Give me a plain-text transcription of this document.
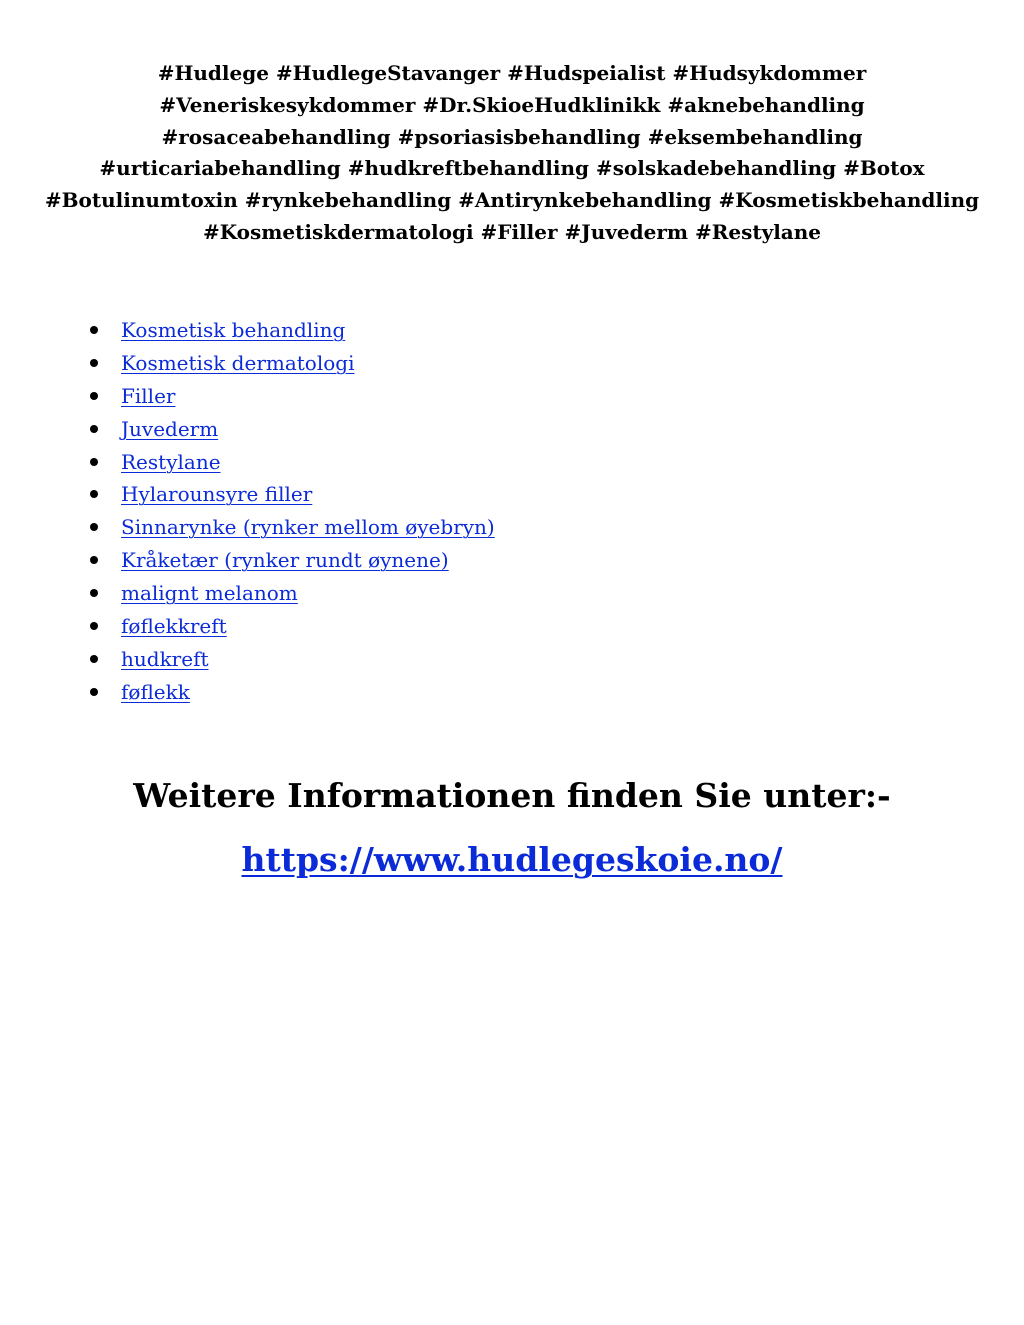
#Hudlege #HudlegeStavanger #Hudspeialist #Hudsykdommer
#Veneriskesykdommer #Dr.SkioeHudklinikk #aknebehandling
#rosaceabehandling #psoriasisbehandling #eksembehandling
#urticariabehandling #hudkreftbehandling #solskadebehandling #Botox
#Botulinumtoxin #rynkebehandling #Antirynkebehandling #Kosmetiskbehandling
#Kosmetiskdermatologi #Filler #Juvederm #Restylane

Kosmetisk behandling
Kosmetisk dermatologi
Filler
Juvederm
Restylane
Hylarounsyre filler
Sinnarynke (rynker mellom øyebryn)
Kråketær (rynker rundt øynene)
malignt melanom
føflekkreft
hudkreft
føflekk
Weitere Informationen finden Sie unter:-

https://www.hudlegeskoie.no/
